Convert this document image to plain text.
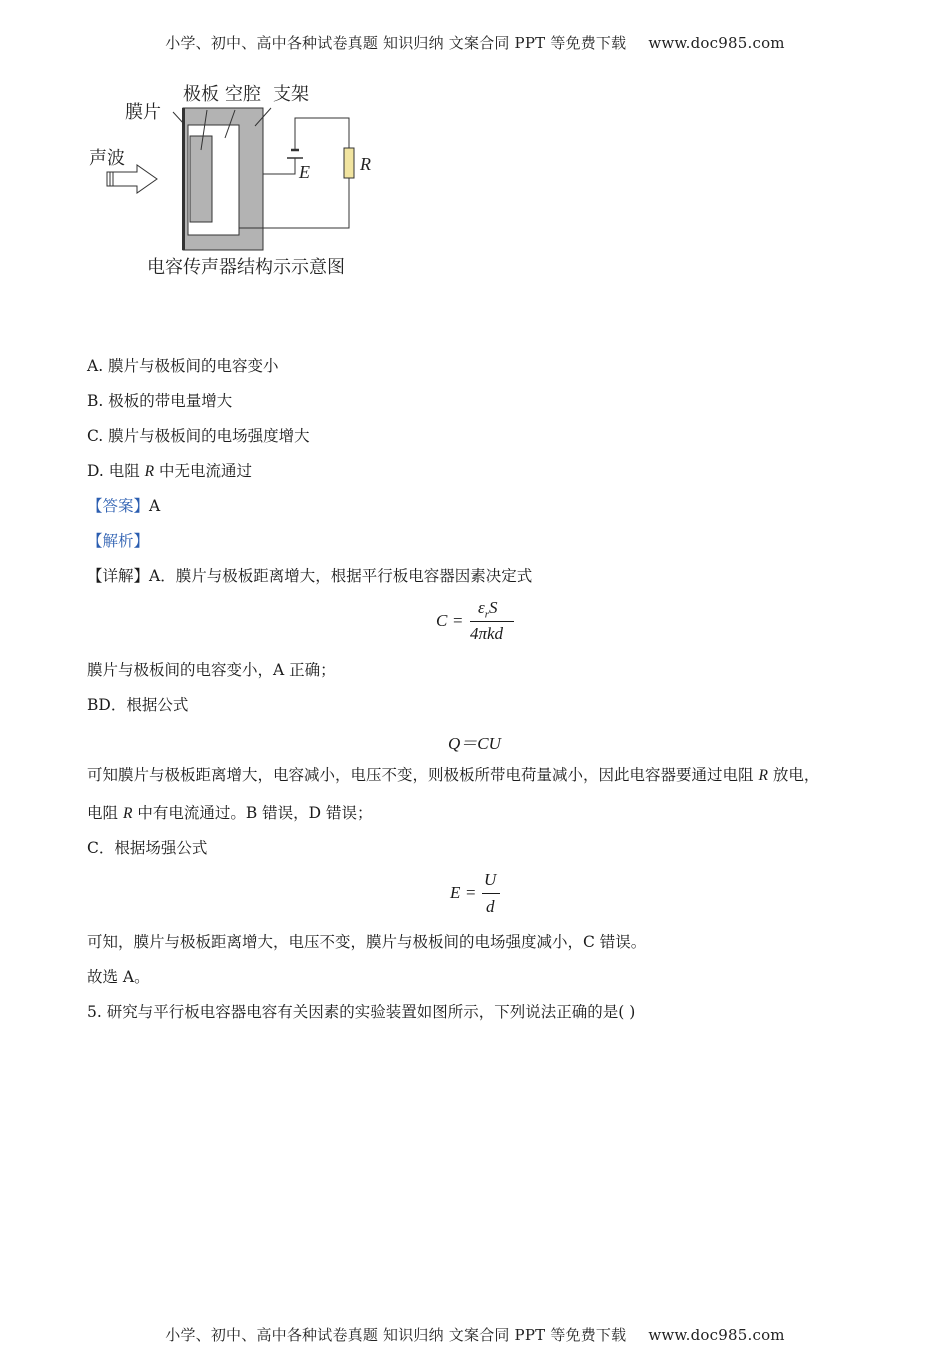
小学、初中、高中各种试卷真题 知识归纳 文案合同 PPT 等免费下载 www.doc985.com
膜片
极板 空腔 支架
声波
E	R
电容传声器结构示示意图
A. 膜片与极板间的电容变小
B. 极板的带电量增大
C. 膜片与极板间的电场强度增大
D. 电阻 R 中无电流通过
【答案】A
【解析】
【详解】A．膜片与极板距离增大，根据平行板电容器因素决定式
C =
$\varepsilon_rS$
4πkd
膜片与极板间的电容变小，A 正确；
BD．根据公式
Q＝CU
可知膜片与极板距离增大，电容减小，电压不变，则极板所带电荷量减小，因此电容器要通过电阻 R 放电，
电阻 R 中有电流通过。B 错误，D 错误；
C．根据场强公式
E =
U
d
可知，膜片与极板距离增大，电压不变，膜片与极板间的电场强度减小，C 错误。
故选 A。
5. 研究与平行板电容器电容有关因素的实验装置如图所示，下列说法正确的是( )
小学、初中、高中各种试卷真题 知识归纳 文案合同 PPT 等免费下载 www.doc985.com
